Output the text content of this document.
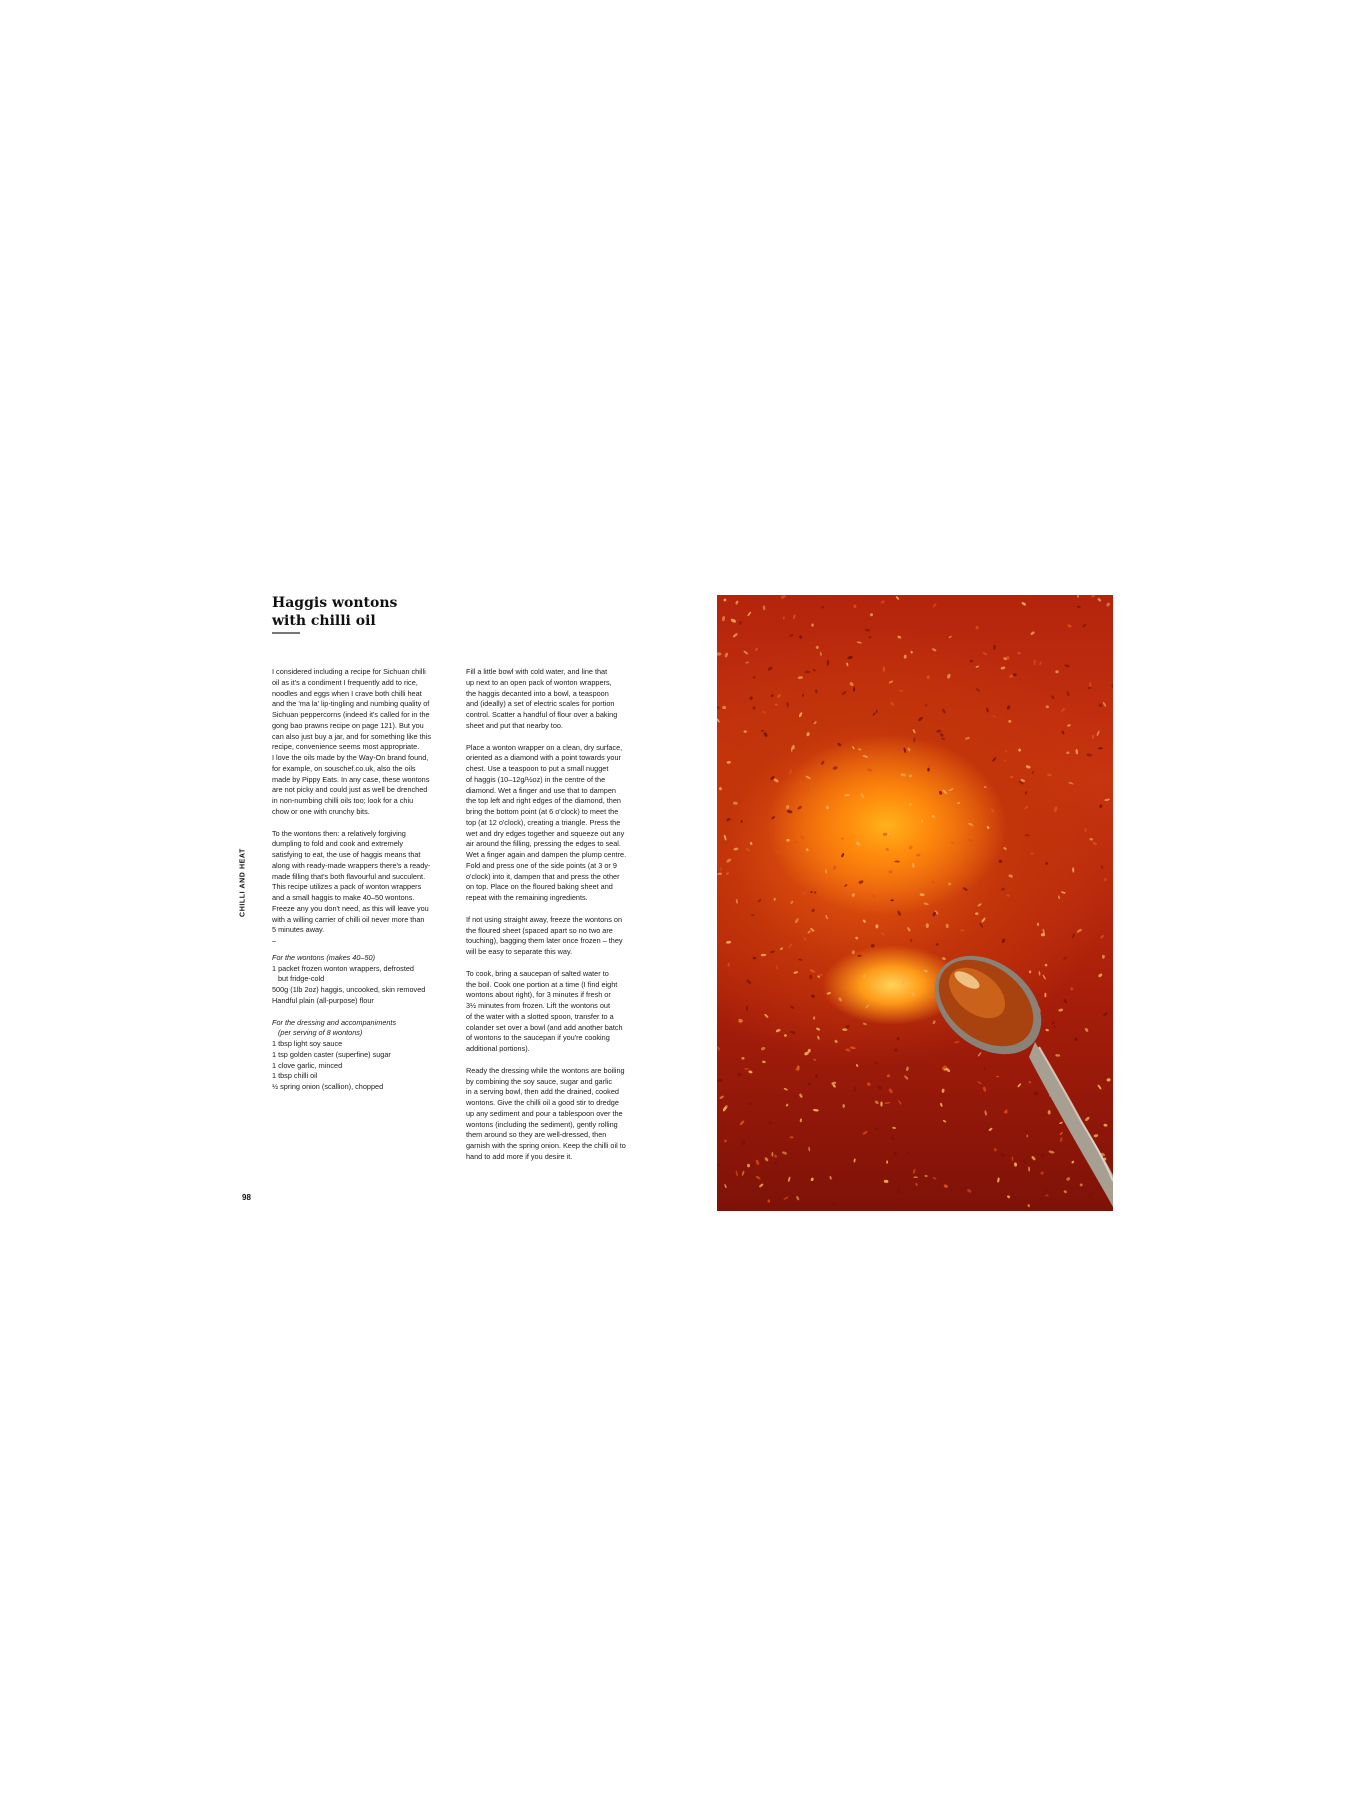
CHILLI AND HEAT
Haggis wontons
with chilli oil

I considered including a recipe for Sichuan chilli
oil as it's a condiment I frequently add to rice,
noodles and eggs when I crave both chilli heat
and the 'ma la' lip-tingling and numbing quality of
Sichuan peppercorns (indeed it's called for in the
gong bao prawns recipe on page 121). But you
can also just buy a jar, and for something like this
recipe, convenience seems most appropriate.
I love the oils made by the Way-On brand found,
for example, on souschef.co.uk, also the oils
made by Pippy Eats. In any case, these wontons
are not picky and could just as well be drenched
in non-numbing chilli oils too; look for a chiu
chow or one with crunchy bits.

To the wontons then: a relatively forgiving
dumpling to fold and cook and extremely
satisfying to eat, the use of haggis means that
along with ready-made wrappers there's a ready-
made filling that's both flavourful and succulent.
This recipe utilizes a pack of wonton wrappers
and a small haggis to make 40–50 wontons.
Freeze any you don't need, as this will leave you
with a willing carrier of chilli oil never more than
5 minutes away.

–

For the wontons (makes 40–50)

1 packet frozen wonton wrappers, defrosted

but fridge-cold

500g (1lb 2oz) haggis, uncooked, skin removed

Handful plain (all-purpose) flour

For the dressing and accompaniments

(per serving of 8 wontons)

1 tbsp light soy sauce

1 tsp golden caster (superfine) sugar

1 clove garlic, minced

1 tbsp chilli oil

½ spring onion (scallion), chopped

Fill a little bowl with cold water, and line that
up next to an open pack of wonton wrappers,
the haggis decanted into a bowl, a teaspoon
and (ideally) a set of electric scales for portion
control. Scatter a handful of flour over a baking
sheet and put that nearby too.

Place a wonton wrapper on a clean, dry surface,
oriented as a diamond with a point towards your
chest. Use a teaspoon to put a small nugget
of haggis (10–12g/½oz) in the centre of the
diamond. Wet a finger and use that to dampen
the top left and right edges of the diamond, then
bring the bottom point (at 6 o'clock) to meet the
top (at 12 o'clock), creating a triangle. Press the
wet and dry edges together and squeeze out any
air around the filling, pressing the edges to seal.
Wet a finger again and dampen the plump centre.
Fold and press one of the side points (at 3 or 9
o'clock) into it, dampen that and press the other
on top. Place on the floured baking sheet and
repeat with the remaining ingredients.

If not using straight away, freeze the wontons on
the floured sheet (spaced apart so no two are
touching), bagging them later once frozen – they
will be easy to separate this way.

To cook, bring a saucepan of salted water to
the boil. Cook one portion at a time (I find eight
wontons about right), for 3 minutes if fresh or
3½ minutes from frozen. Lift the wontons out
of the water with a slotted spoon, transfer to a
colander set over a bowl (and add another batch
of wontons to the saucepan if you're cooking
additional portions).

Ready the dressing while the wontons are boiling
by combining the soy sauce, sugar and garlic
in a serving bowl, then add the drained, cooked
wontons. Give the chilli oil a good stir to dredge
up any sediment and pour a tablespoon over the
wontons (including the sediment), gently rolling
them around so they are well-dressed, then
garnish with the spring onion. Keep the chilli oil to
hand to add more if you desire it.

98
